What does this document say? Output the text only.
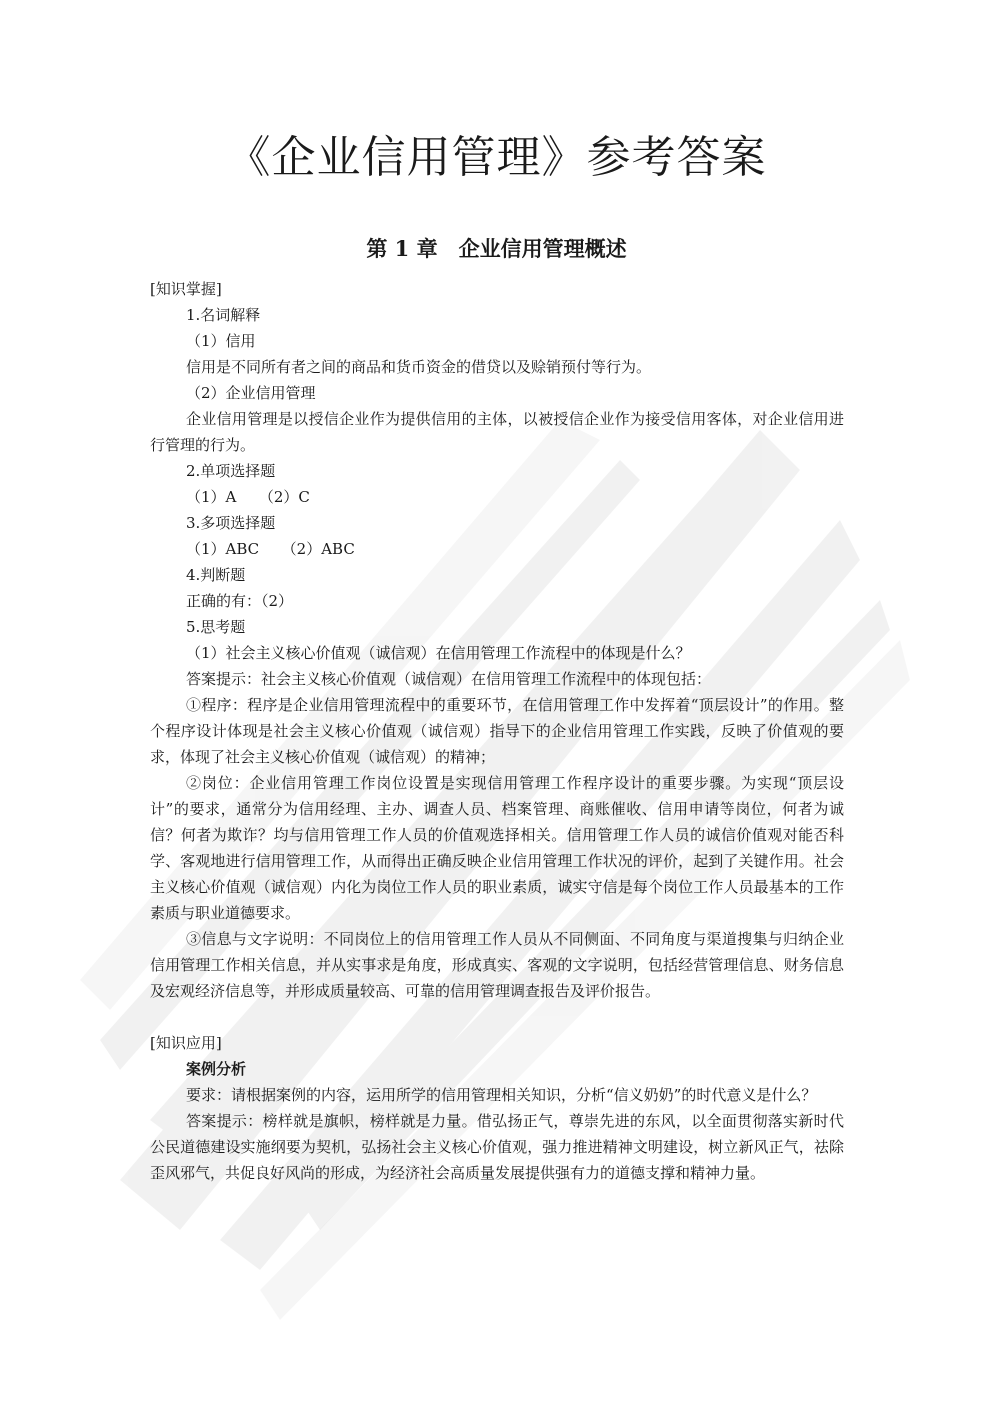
《企业信用管理》参考答案
第 1 章　企业信用管理概述

[知识掌握]

1.名词解释

（1）信用

信用是不同所有者之间的商品和货币资金的借贷以及赊销预付等行为。

（2）企业信用管理

企业信用管理是以授信企业作为提供信用的主体，以被授信企业作为接受信用客体，对企业信用进行管理的行为。

2.单项选择题

（1）A　　（2）C

3.多项选择题

（1）ABC　　（2）ABC

4.判断题

正确的有：（2）

5.思考题

（1）社会主义核心价值观（诚信观）在信用管理工作流程中的体现是什么？

答案提示：社会主义核心价值观（诚信观）在信用管理工作流程中的体现包括：

①程序：程序是企业信用管理流程中的重要环节，在信用管理工作中发挥着“顶层设计”的作用。整个程序设计体现是社会主义核心价值观（诚信观）指导下的企业信用管理工作实践，反映了价值观的要求，体现了社会主义核心价值观（诚信观）的精神；

②岗位：企业信用管理工作岗位设置是实现信用管理工作程序设计的重要步骤。为实现“顶层设计”的要求，通常分为信用经理、主办、调查人员、档案管理、商账催收、信用申请等岗位，何者为诚信？何者为欺诈？均与信用管理工作人员的价值观选择相关。信用管理工作人员的诚信价值观对能否科学、客观地进行信用管理工作，从而得出正确反映企业信用管理工作状况的评价，起到了关键作用。社会主义核心价值观（诚信观）内化为岗位工作人员的职业素质，诚实守信是每个岗位工作人员最基本的工作素质与职业道德要求。

③信息与文字说明：不同岗位上的信用管理工作人员从不同侧面、不同角度与渠道搜集与归纳企业信用管理工作相关信息，并从实事求是角度，形成真实、客观的文字说明，包括经营管理信息、财务信息及宏观经济信息等，并形成质量较高、可靠的信用管理调查报告及评价报告。

[知识应用]

案例分析

要求：请根据案例的内容，运用所学的信用管理相关知识，分析“信义奶奶”的时代意义是什么？

答案提示：榜样就是旗帜，榜样就是力量。借弘扬正气，尊崇先进的东风，以全面贯彻落实新时代公民道德建设实施纲要为契机，弘扬社会主义核心价值观，强力推进精神文明建设，树立新风正气，祛除歪风邪气，共促良好风尚的形成，为经济社会高质量发展提供强有力的道德支撑和精神力量。
